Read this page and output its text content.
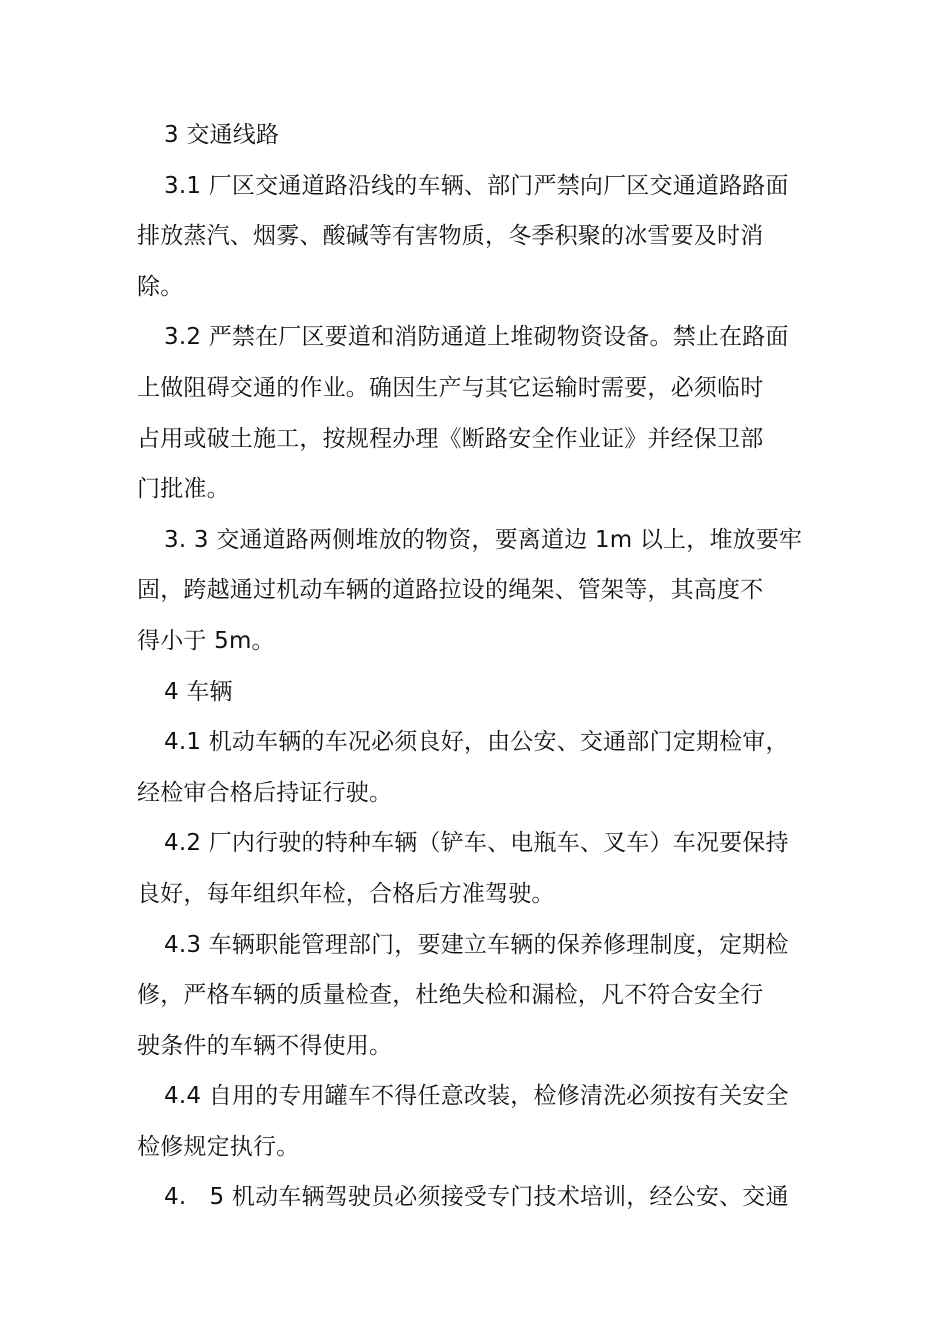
3 交通线路
3.1 厂区交通道路沿线的车辆、部门严禁向厂区交通道路路面
排放蒸汽、烟雾、酸碱等有害物质，冬季积聚的冰雪要及时消
除。
3.2 严禁在厂区要道和消防通道上堆砌物资设备。禁止在路面
上做阻碍交通的作业。确因生产与其它运输时需要，必须临时
占用或破土施工，按规程办理《断路安全作业证》并经保卫部
门批准。
3. 3 交通道路两侧堆放的物资，要离道边 1m 以上，堆放要牢
固，跨越通过机动车辆的道路拉设的绳架、管架等，其高度不
得小于 5m。
4 车辆
4.1 机动车辆的车况必须良好，由公安、交通部门定期检审，
经检审合格后持证行驶。
4.2 厂内行驶的特种车辆（铲车、电瓶车、叉车）车况要保持
良好，每年组织年检，合格后方准驾驶。
4.3 车辆职能管理部门，要建立车辆的保养修理制度，定期检
修，严格车辆的质量检查，杜绝失检和漏检，凡不符合安全行
驶条件的车辆不得使用。
4.4 自用的专用罐车不得任意改装，检修清洗必须按有关安全
检修规定执行。
4.　5 机动车辆驾驶员必须接受专门技术培训，经公安、交通
